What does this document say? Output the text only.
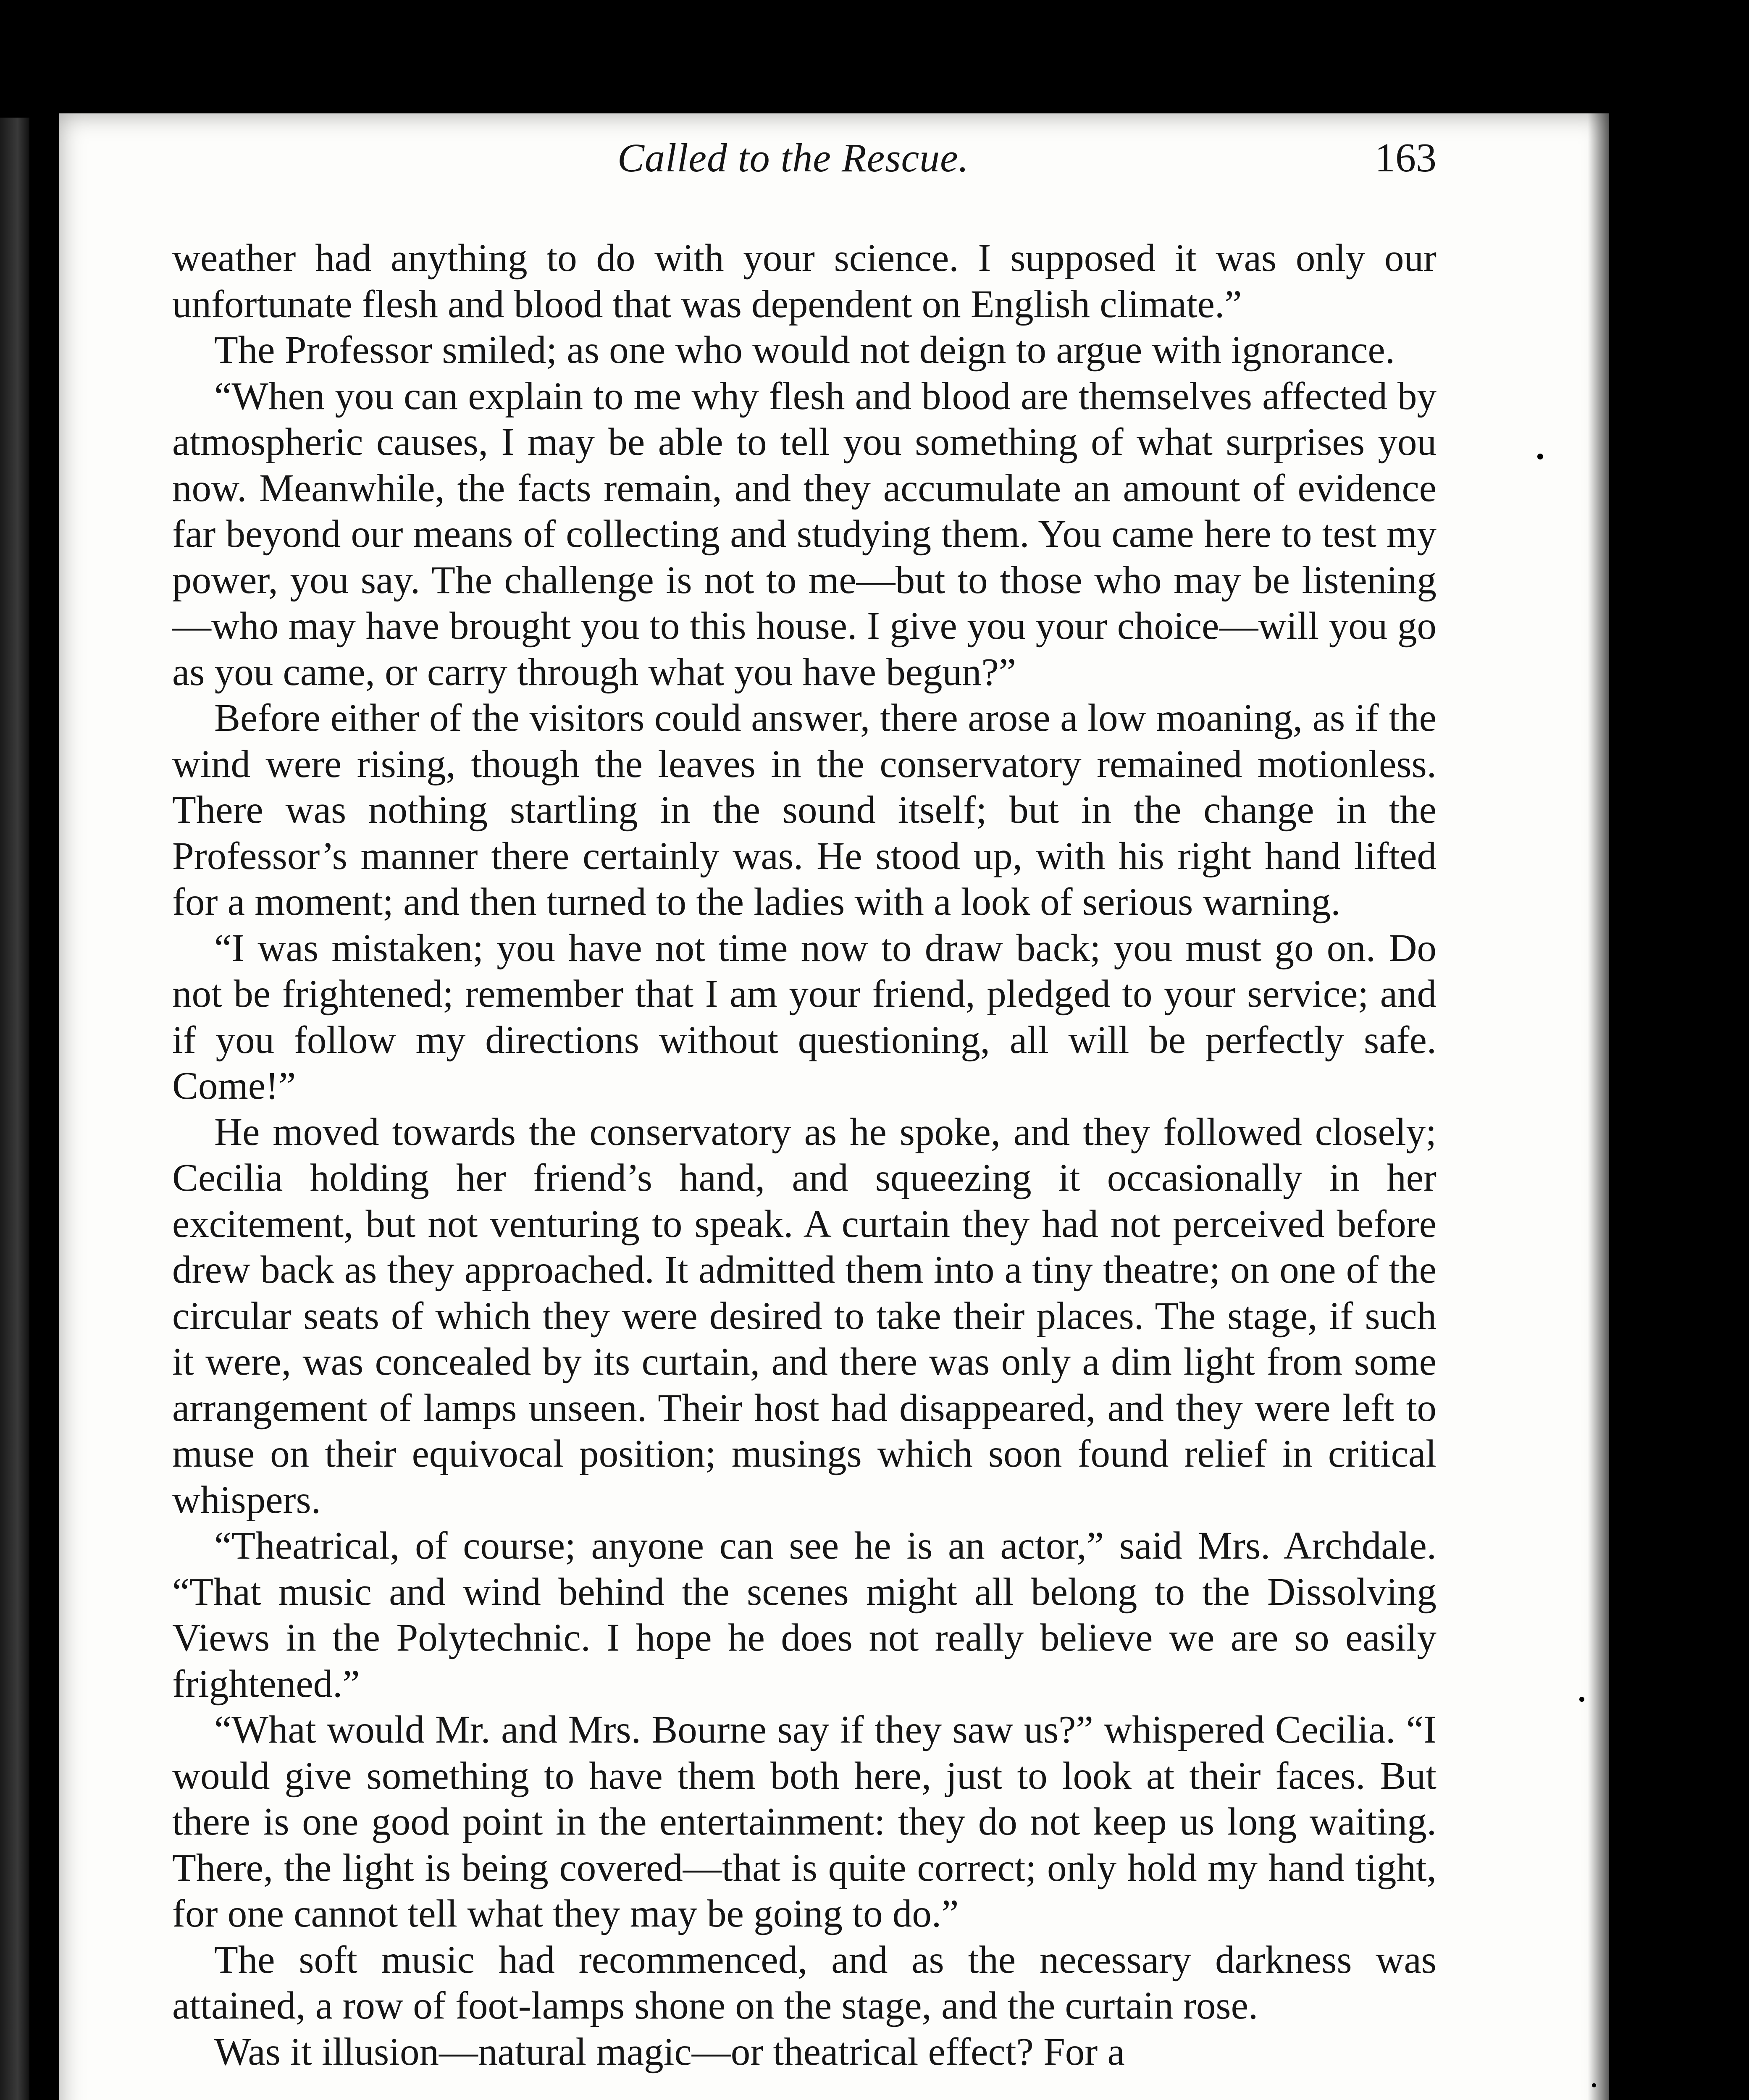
Called to the Rescue.	163

weather had anything to do with your science. I supposed it was only our unfortunate flesh and blood that was dependent on English climate.”

The Professor smiled; as one who would not deign to argue with ignorance.

“When you can explain to me why flesh and blood are themselves affected by atmospheric causes, I may be able to tell you something of what surprises you now. Meanwhile, the facts remain, and they accumulate an amount of evidence far beyond our means of collecting and studying them. You came here to test my power, you say. The challenge is not to me—but to those who may be listening—who may have brought you to this house. I give you your choice—will you go as you came, or carry through what you have begun?”

Before either of the visitors could answer, there arose a low moaning, as if the wind were rising, though the leaves in the conservatory remained motionless. There was nothing startling in the sound itself; but in the change in the Professor’s manner there certainly was. He stood up, with his right hand lifted for a moment; and then turned to the ladies with a look of serious warning.

“I was mistaken; you have not time now to draw back; you must go on. Do not be frightened; remember that I am your friend, pledged to your service; and if you follow my directions without questioning, all will be perfectly safe. Come!”

He moved towards the conservatory as he spoke, and they followed closely; Cecilia holding her friend’s hand, and squeezing it occasionally in her excitement, but not venturing to speak. A curtain they had not perceived before drew back as they approached. It admitted them into a tiny theatre; on one of the circular seats of which they were desired to take their places. The stage, if such it were, was concealed by its curtain, and there was only a dim light from some arrangement of lamps unseen. Their host had disappeared, and they were left to muse on their equivocal position; musings which soon found relief in critical whispers.

“Theatrical, of course; anyone can see he is an actor,” said Mrs. Archdale. “That music and wind behind the scenes might all belong to the Dissolving Views in the Polytechnic. I hope he does not really believe we are so easily frightened.”

“What would Mr. and Mrs. Bourne say if they saw us?” whispered Cecilia. “I would give something to have them both here, just to look at their faces. But there is one good point in the entertainment: they do not keep us long waiting. There, the light is being covered—that is quite correct; only hold my hand tight, for one cannot tell what they may be going to do.”

The soft music had recommenced, and as the necessary darkness was attained, a row of foot-lamps shone on the stage, and the curtain rose.

Was it illusion—natural magic—or theatrical effect? For a
